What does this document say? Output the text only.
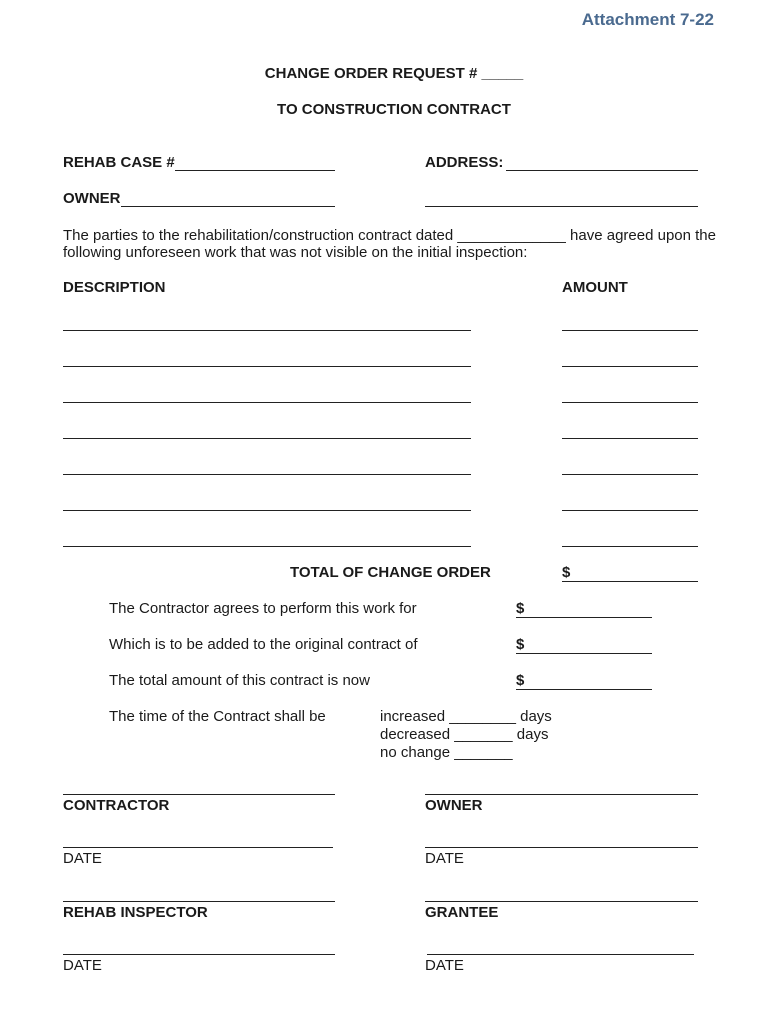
Attachment 7-22
CHANGE ORDER REQUEST # _____
TO CONSTRUCTION CONTRACT
REHAB CASE #	ADDRESS:
OWNER
The parties to the rehabilitation/construction contract dated _____________ have agreed upon the
following unforeseen work that was not visible on the initial inspection:
DESCRIPTION	AMOUNT
TOTAL OF CHANGE ORDER	$
The Contractor agrees to perform this work for	$
Which is to be added to the original contract of	$
The total amount of this contract is now	$
The time of the Contract shall be	increased ________ days
decreased _______ days
no change _______
CONTRACTOR	OWNER
DATE	DATE
REHAB INSPECTOR	GRANTEE
DATE	DATE
